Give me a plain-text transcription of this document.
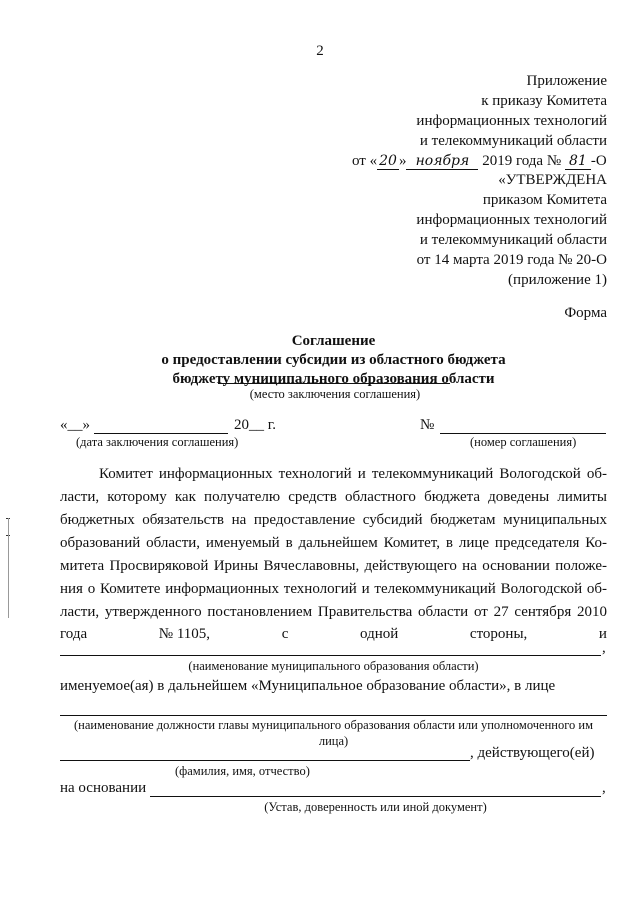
2
Приложение
к приказу Комитета
информационных технологий
и телекоммуникаций области
от « 20 » ноября 2019 года № 81 -О
«УТВЕРЖДЕНА
приказом Комитета
информационных технологий
и телекоммуникаций области
от 14 марта 2019 года № 20-О
(приложение 1)
Форма
Соглашение
о предоставлении субсидии из областного бюджета
бюджету муниципального образования области
(место заключения соглашения)
«__»	20__ г.	№
(дата заключения соглашения)	(номер соглашения)
Комитет информационных технологий и телекоммуникаций Вологодской об-
ласти, которому как получателю средств областного бюджета доведены лимиты
бюджетных обязательств на предоставление субсидий бюджетам муниципальных
образований области, именуемый в дальнейшем Комитет, в лице председателя Ко-
митета Просвиряковой Ирины Вячеславовны, действующего на основании положе-
ния о Комитете информационных технологий и телекоммуникаций Вологодской об-
ласти, утвержденного постановлением Правительства области от 27 сентября 2010
года	№ 1105,	с	одной	стороны,	и
,
(наименование муниципального образования области)
именуемое(ая) в дальнейшем «Муниципальное образование области», в лице
(наименование должности главы муниципального образования области или уполномоченного им
лица)
, действующего(ей)
(фамилия, имя, отчество)
на основании	,
(Устав, доверенность или иной документ)
